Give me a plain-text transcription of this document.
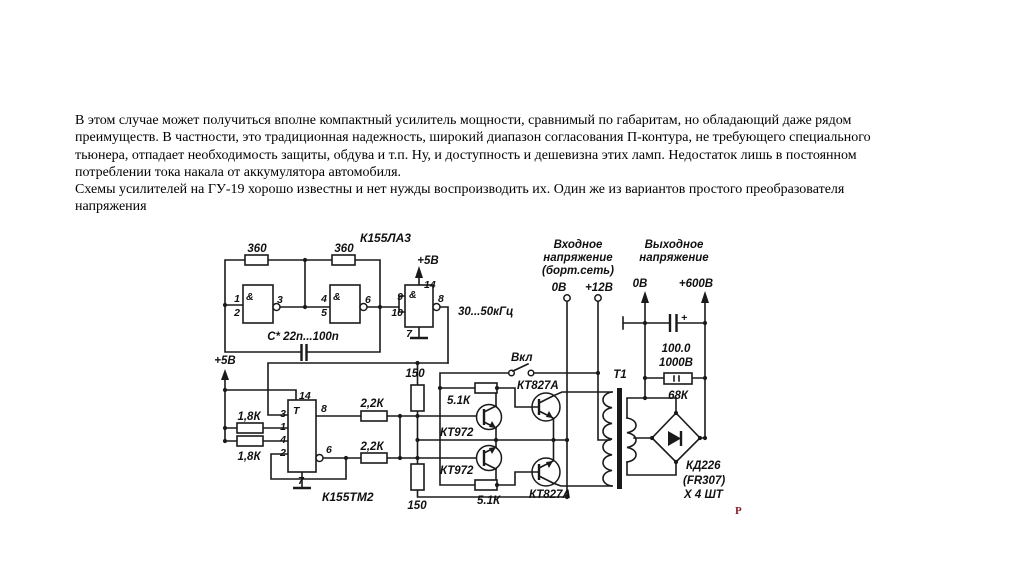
В этом случае может получиться вполне компактный усилитель мощности, сравнимый по габаритам, но обладающий даже рядом
преимуществ. В частности, это традиционная надежность, широкий диапазон согласования П-контура, не требующего специального
тьюнера, отпадает необходимость защиты, обдува и т.п. Ну, и доступность и дешевизна этих ламп. Недостаток лишь в постоянном
потреблении тока накала от аккумулятора автомобиля.
Схемы усилителей на ГУ-19 хорошо известны и нет нужды воспроизводить их. Один же из вариантов простого преобразователя
напряжения
К155ЛА3
360	360
&	&	&
1
2
3	4
5
6	9
10
8
+5В
14
7
30...50кГц
C* 22n...100n
+5В
1,8К
1,8К
3
1
4
2
14
8
6
7
Т
К155ТМ2
2,2К
2,2К
150
150
5.1К
5.1К
КТ972
КТ972
Вкл
КТ827А
КТ827А
Т1
Входное
напряжение
(борт.сеть)
0В +12В
Выходное
напряжение
0В	+600В
100.0
1000В
+
68К
КД226
(FR307)
Х 4 ШТ
Р
